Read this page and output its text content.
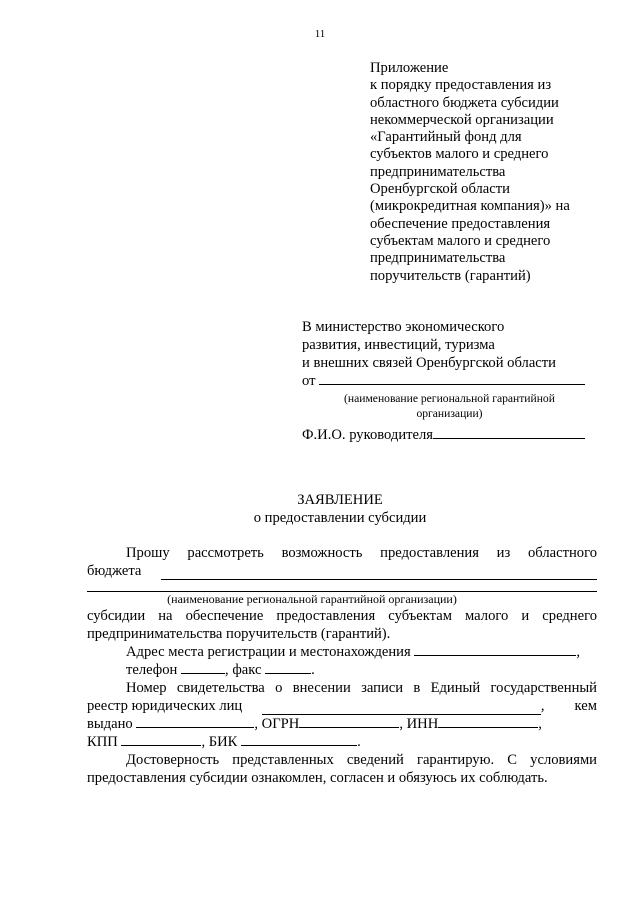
11
Приложение
к порядку предоставления из
областного бюджета субсидии
некоммерческой организации
«Гарантийный фонд для
субъектов малого и среднего
предпринимательства
Оренбургской области
(микрокредитная компания)» на
обеспечение предоставления
субъектам малого и среднего
предпринимательства
поручительств (гарантий)
В министерство экономического
развития, инвестиций, туризма
и внешних связей Оренбургской области
от
(наименование региональной гарантийной
организации)
Ф.И.О. руководителя
ЗАЯВЛЕНИЕ
о предоставлении субсидии
Прошу рассмотреть возможность предоставления из областного
бюджета
(наименование региональной гарантийной организации)
субсидии на обеспечение предоставления субъектам малого и среднего
предпринимательства поручительств (гарантий).
Адрес места регистрации и местонахождения	,
телефон	, факс	.
Номер свидетельства о внесении записи в Единый государственный
реестр юридических лиц	, кем
выдано	, ОГРН	, ИНН	,
КПП	, БИК	.
Достоверность представленных сведений гарантирую. С условиями
предоставления субсидии ознакомлен, согласен и обязуюсь их соблюдать.
